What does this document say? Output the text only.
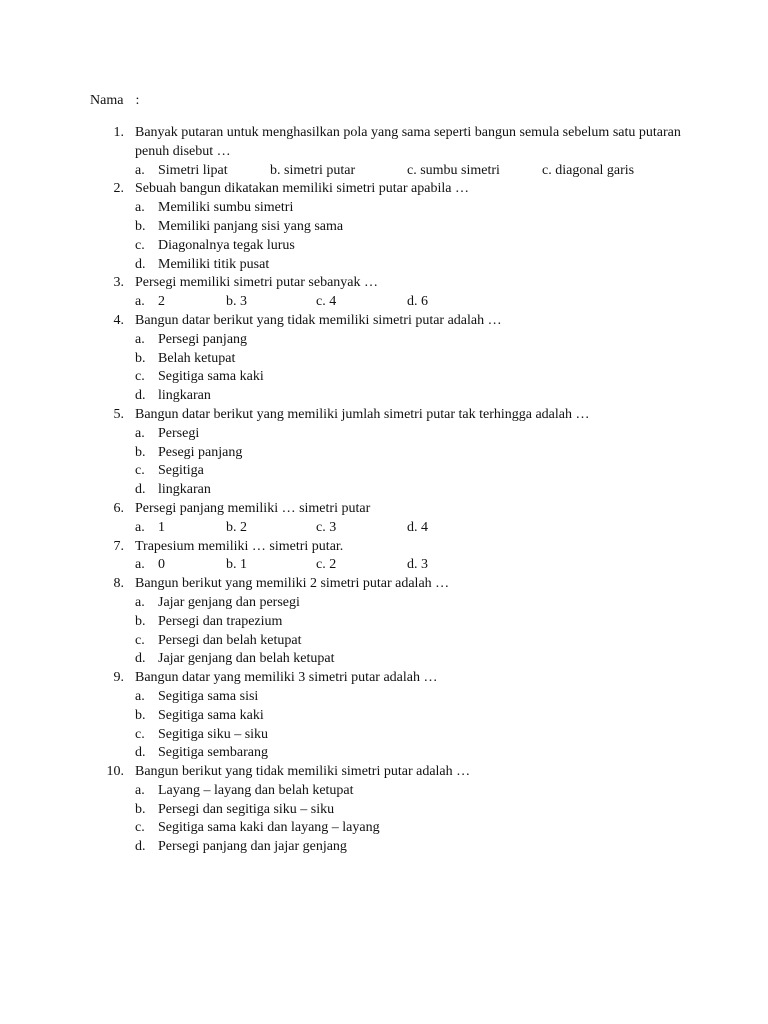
Nama :
1. Banyak putaran untuk menghasilkan pola yang sama seperti bangun semula sebelum satu putaran penuh disebut …
a. Simetri lipat	b. simetri putar	c. sumbu simetri	c. diagonal garis
2. Sebuah bangun dikatakan memiliki simetri putar apabila …
a. Memiliki sumbu simetri
b. Memiliki panjang sisi yang sama
c. Diagonalnya tegak lurus
d. Memiliki titik pusat
3. Persegi memiliki simetri putar sebanyak …
a. 2	b. 3	c. 4	d. 6
4. Bangun datar berikut yang tidak memiliki simetri putar adalah …
a. Persegi panjang
b. Belah ketupat
c. Segitiga sama kaki
d. lingkaran
5. Bangun datar berikut yang memiliki jumlah simetri putar tak terhingga adalah …
a. Persegi
b. Pesegi panjang
c. Segitiga
d. lingkaran
6. Persegi panjang memiliki … simetri putar
a. 1	b. 2	c. 3	d. 4
7. Trapesium memiliki … simetri putar.
a. 0	b. 1	c. 2	d. 3
8. Bangun berikut yang memiliki 2 simetri putar adalah …
a. Jajar genjang dan persegi
b. Persegi dan trapezium
c. Persegi dan belah ketupat
d. Jajar genjang dan belah ketupat
9. Bangun datar yang memiliki 3 simetri putar adalah …
a. Segitiga sama sisi
b. Segitiga sama kaki
c. Segitiga siku – siku
d. Segitiga sembarang
10. Bangun berikut yang tidak memiliki simetri putar adalah …
a. Layang – layang dan belah ketupat
b. Persegi dan segitiga siku – siku
c. Segitiga sama kaki dan layang – layang
d. Persegi panjang dan jajar genjang
